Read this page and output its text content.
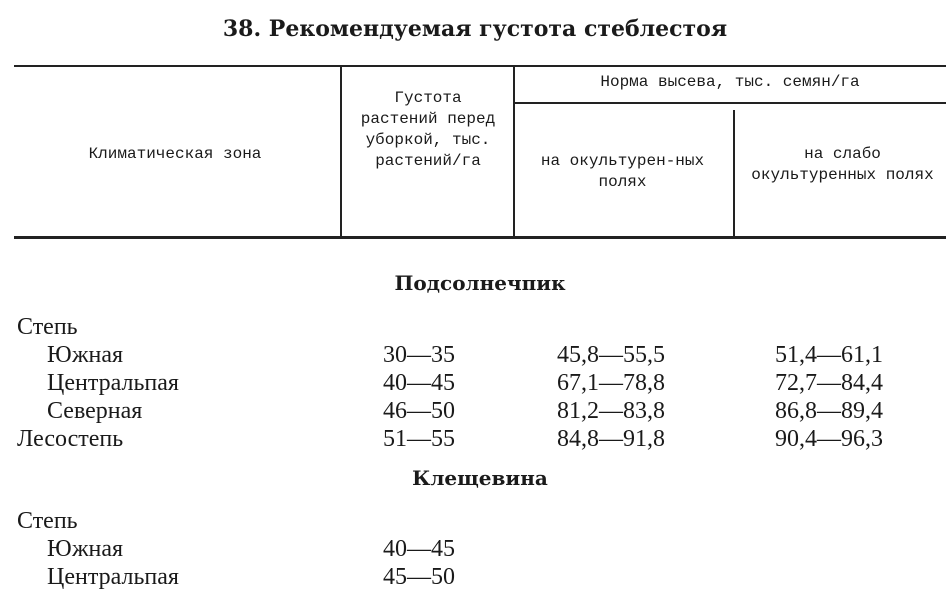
38. Рекомендуемая густота стеблестоя
Климатическая зона
Густота растений перед уборкой, тыс. растений/га
Норма высева, тыс. семян/га
на окультурен-ных полях
на слабо окультуренных полях
Подсолнечпик
Степь
Южная	30—35	45,8—55,5	51,4—61,1
Центральпая	40—45	67,1—78,8	72,7—84,4
Северная	46—50	81,2—83,8	86,8—89,4
Лесостепь	51—55	84,8—91,8	90,4—96,3
Клещевина
Степь
Южная	40—45
Центральпая	45—50
